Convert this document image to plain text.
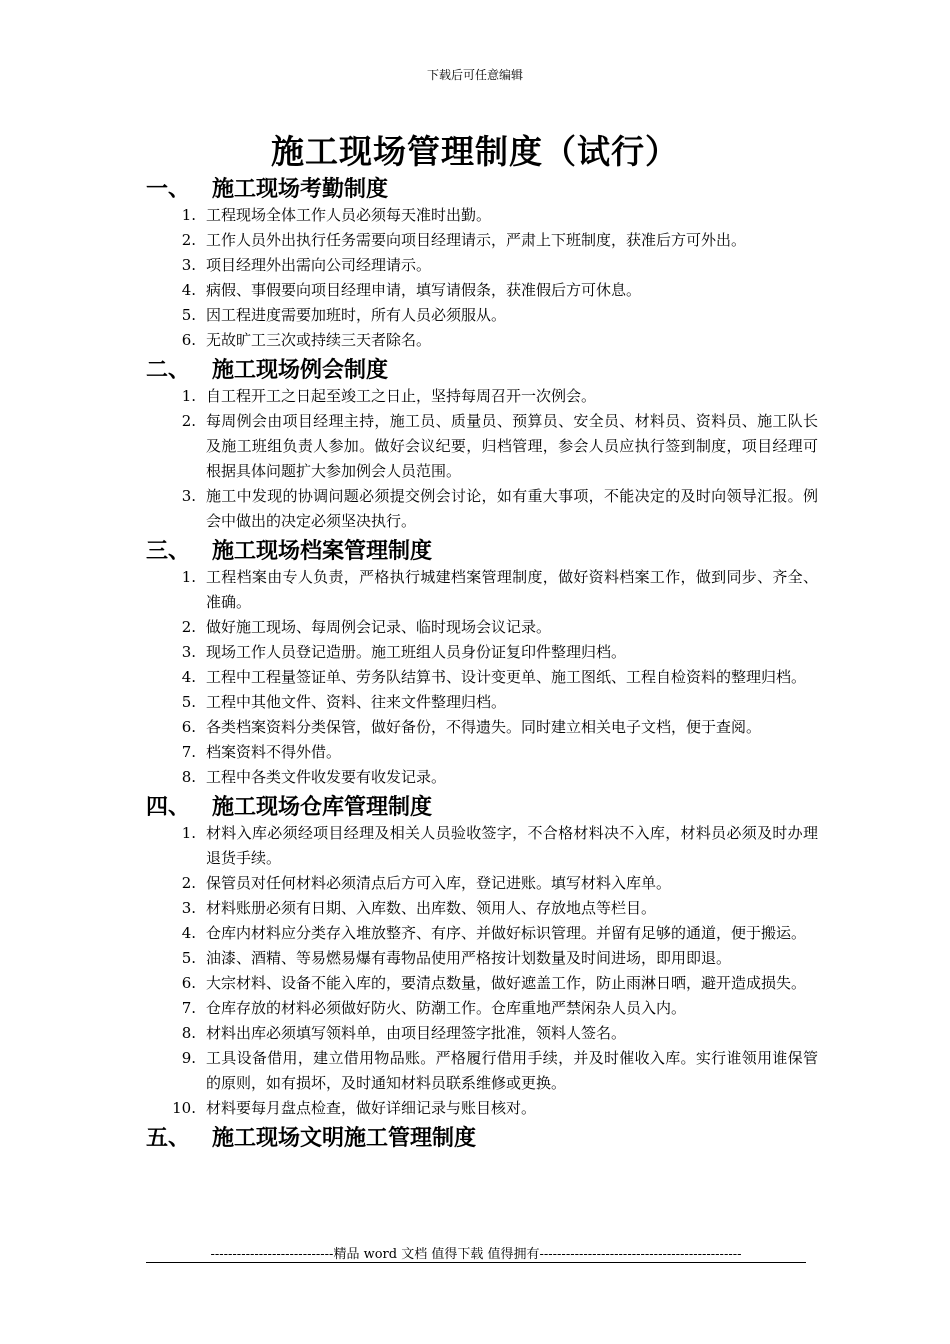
下载后可任意编辑
施工现场管理制度（试行）
一、 施工现场考勤制度
1. 工程现场全体工作人员必须每天准时出勤。
2. 工作人员外出执行任务需要向项目经理请示，严肃上下班制度，获准后方可外出。
3. 项目经理外出需向公司经理请示。
4. 病假、事假要向项目经理申请，填写请假条，获准假后方可休息。
5. 因工程进度需要加班时，所有人员必须服从。
6. 无故旷工三次或持续三天者除名。
二、 施工现场例会制度
1. 自工程开工之日起至竣工之日止，坚持每周召开一次例会。
2. 每周例会由项目经理主持，施工员、质量员、预算员、安全员、材料员、资料员、施工队长及施工班组负责人参加。做好会议纪要，归档管理，参会人员应执行签到制度，项目经理可根据具体问题扩大参加例会人员范围。
3. 施工中发现的协调问题必须提交例会讨论，如有重大事项，不能决定的及时向领导汇报。例会中做出的决定必须坚决执行。
三、 施工现场档案管理制度
1. 工程档案由专人负责，严格执行城建档案管理制度，做好资料档案工作，做到同步、齐全、准确。
2. 做好施工现场、每周例会记录、临时现场会议记录。
3. 现场工作人员登记造册。施工班组人员身份证复印件整理归档。
4. 工程中工程量签证单、劳务队结算书、设计变更单、施工图纸、工程自检资料的整理归档。
5. 工程中其他文件、资料、往来文件整理归档。
6. 各类档案资料分类保管，做好备份，不得遗失。同时建立相关电子文档，便于查阅。
7. 档案资料不得外借。
8. 工程中各类文件收发要有收发记录。
四、 施工现场仓库管理制度
1. 材料入库必须经项目经理及相关人员验收签字，不合格材料决不入库，材料员必须及时办理退货手续。
2. 保管员对任何材料必须清点后方可入库，登记进账。填写材料入库单。
3. 材料账册必须有日期、入库数、出库数、领用人、存放地点等栏目。
4. 仓库内材料应分类存入堆放整齐、有序、并做好标识管理。并留有足够的通道，便于搬运。
5. 油漆、酒精、等易燃易爆有毒物品使用严格按计划数量及时间进场，即用即退。
6. 大宗材料、设备不能入库的，要清点数量，做好遮盖工作，防止雨淋日晒，避开造成损失。
7. 仓库存放的材料必须做好防火、防潮工作。仓库重地严禁闲杂人员入内。
8. 材料出库必须填写领料单，由项目经理签字批准，领料人签名。
9. 工具设备借用，建立借用物品账。严格履行借用手续，并及时催收入库。实行谁领用谁保管的原则，如有损坏，及时通知材料员联系维修或更换。
10. 材料要每月盘点检查，做好详细记录与账目核对。
五、 施工现场文明施工管理制度
----------------------------精品 word 文档 值得下载 值得拥有----------------------------------------------
